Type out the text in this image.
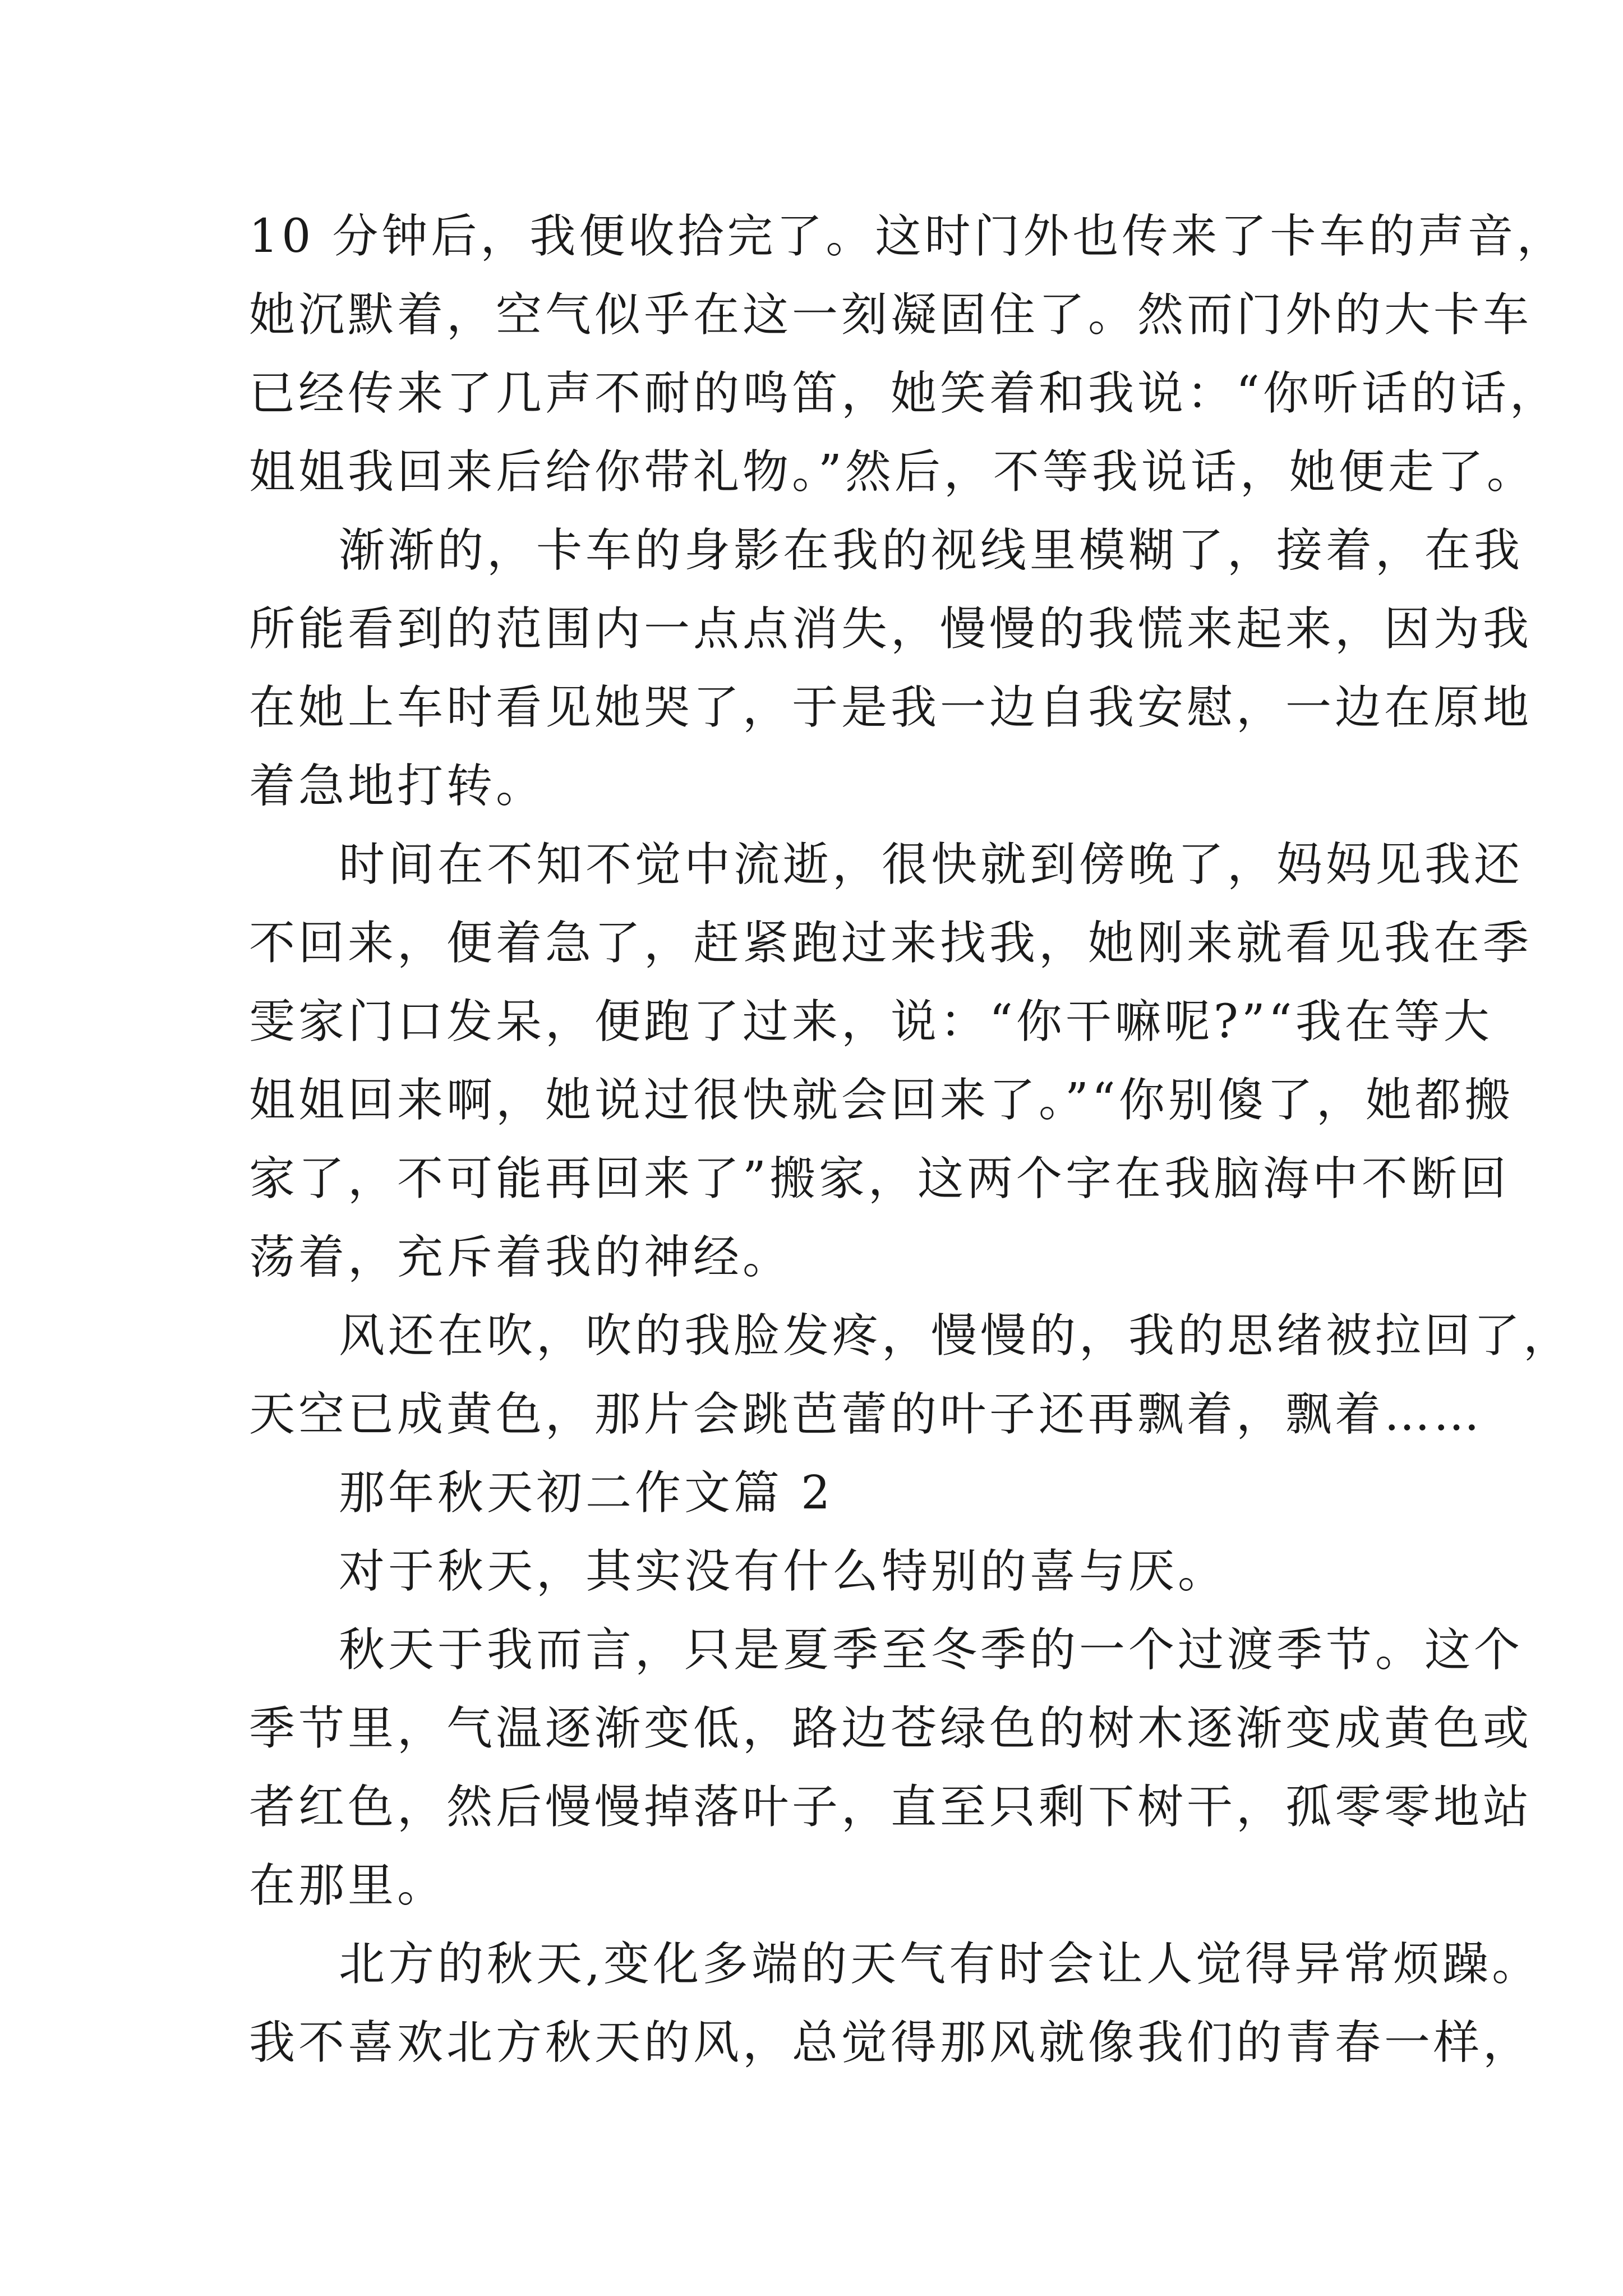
10 分钟后，我便收拾完了。这时门外也传来了卡车的声音，
她沉默着，空气似乎在这一刻凝固住了。然而门外的大卡车
已经传来了几声不耐的鸣笛，她笑着和我说：“你听话的话，
姐姐我回来后给你带礼物。”然后，不等我说话，她便走了。
渐渐的，卡车的身影在我的视线里模糊了，接着，在我
所能看到的范围内一点点消失，慢慢的我慌来起来，因为我
在她上车时看见她哭了，于是我一边自我安慰，一边在原地
着急地打转。
时间在不知不觉中流逝，很快就到傍晚了，妈妈见我还
不回来，便着急了，赶紧跑过来找我，她刚来就看见我在季
雯家门口发呆，便跑了过来，说：“你干嘛呢?”“我在等大
姐姐回来啊，她说过很快就会回来了。”“你别傻了，她都搬
家了，不可能再回来了”搬家，这两个字在我脑海中不断回
荡着，充斥着我的神经。
风还在吹，吹的我脸发疼，慢慢的，我的思绪被拉回了，
天空已成黄色，那片会跳芭蕾的叶子还再飘着，飘着……
那年秋天初二作文篇 2
对于秋天，其实没有什么特别的喜与厌。
秋天于我而言，只是夏季至冬季的一个过渡季节。这个
季节里，气温逐渐变低，路边苍绿色的树木逐渐变成黄色或
者红色，然后慢慢掉落叶子，直至只剩下树干，孤零零地站
在那里。
北方的秋天,变化多端的天气有时会让人觉得异常烦躁。
我不喜欢北方秋天的风，总觉得那风就像我们的青春一样，
